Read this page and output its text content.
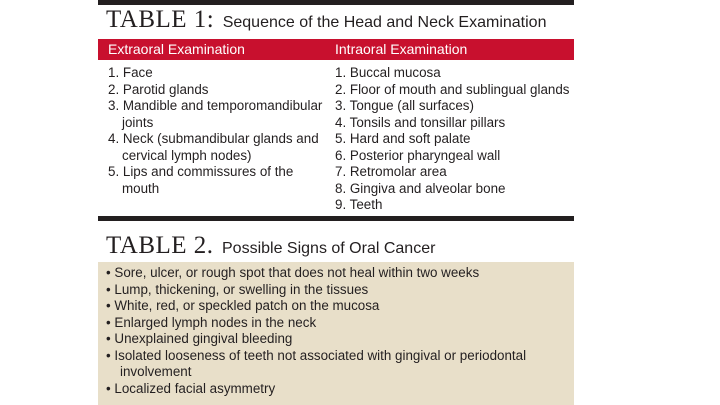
TABLE 1: Sequence of the Head and Neck Examination
Extraoral Examination	Intraoral Examination
1. Face
2. Parotid glands
3. Mandible and temporomandibular joints
4. Neck (submandibular glands and cervical lymph nodes)
5. Lips and commissures of the mouth
1. Buccal mucosa
2. Floor of mouth and sublingual glands
3. Tongue (all surfaces)
4. Tonsils and tonsillar pillars
5. Hard and soft palate
6. Posterior pharyngeal wall
7. Retromolar area
8. Gingiva and alveolar bone
9. Teeth
TABLE 2. Possible Signs of Oral Cancer
• Sore, ulcer, or rough spot that does not heal within two weeks
• Lump, thickening, or swelling in the tissues
• White, red, or speckled patch on the mucosa
• Enlarged lymph nodes in the neck
• Unexplained gingival bleeding
• Isolated looseness of teeth not associated with gingival or periodontal involvement
• Localized facial asymmetry
